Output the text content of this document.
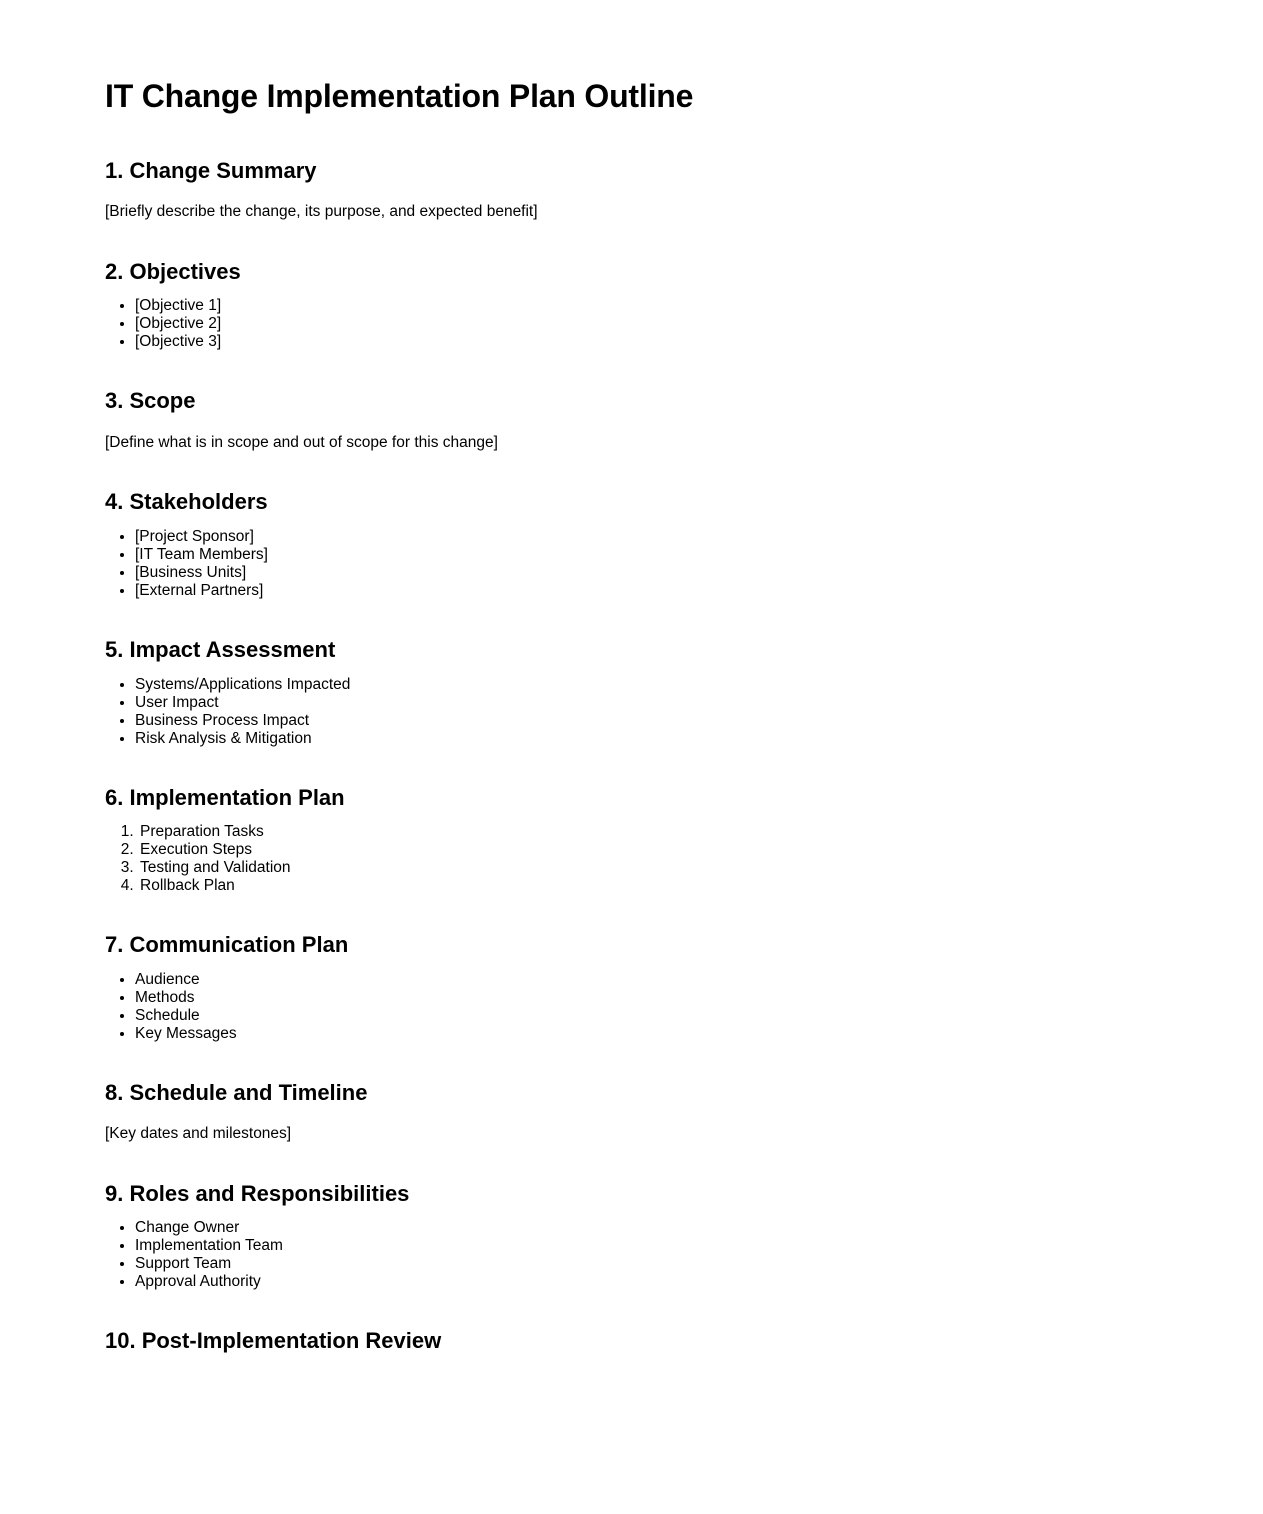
IT Change Implementation Plan Outline
1. Change Summary

[Briefly describe the change, its purpose, and expected benefit]

2. Objectives
• [Objective 1]
• [Objective 2]
• [Objective 3]
3. Scope

[Define what is in scope and out of scope for this change]

4. Stakeholders
• [Project Sponsor]
• [IT Team Members]
• [Business Units]
• [External Partners]
5. Impact Assessment
• Systems/Applications Impacted
• User Impact
• Business Process Impact
• Risk Analysis & Mitigation
6. Implementation Plan
1. Preparation Tasks
2. Execution Steps
3. Testing and Validation
4. Rollback Plan
7. Communication Plan
• Audience
• Methods
• Schedule
• Key Messages
8. Schedule and Timeline

[Key dates and milestones]

9. Roles and Responsibilities
• Change Owner
• Implementation Team
• Support Team
• Approval Authority
10. Post-Implementation Review
